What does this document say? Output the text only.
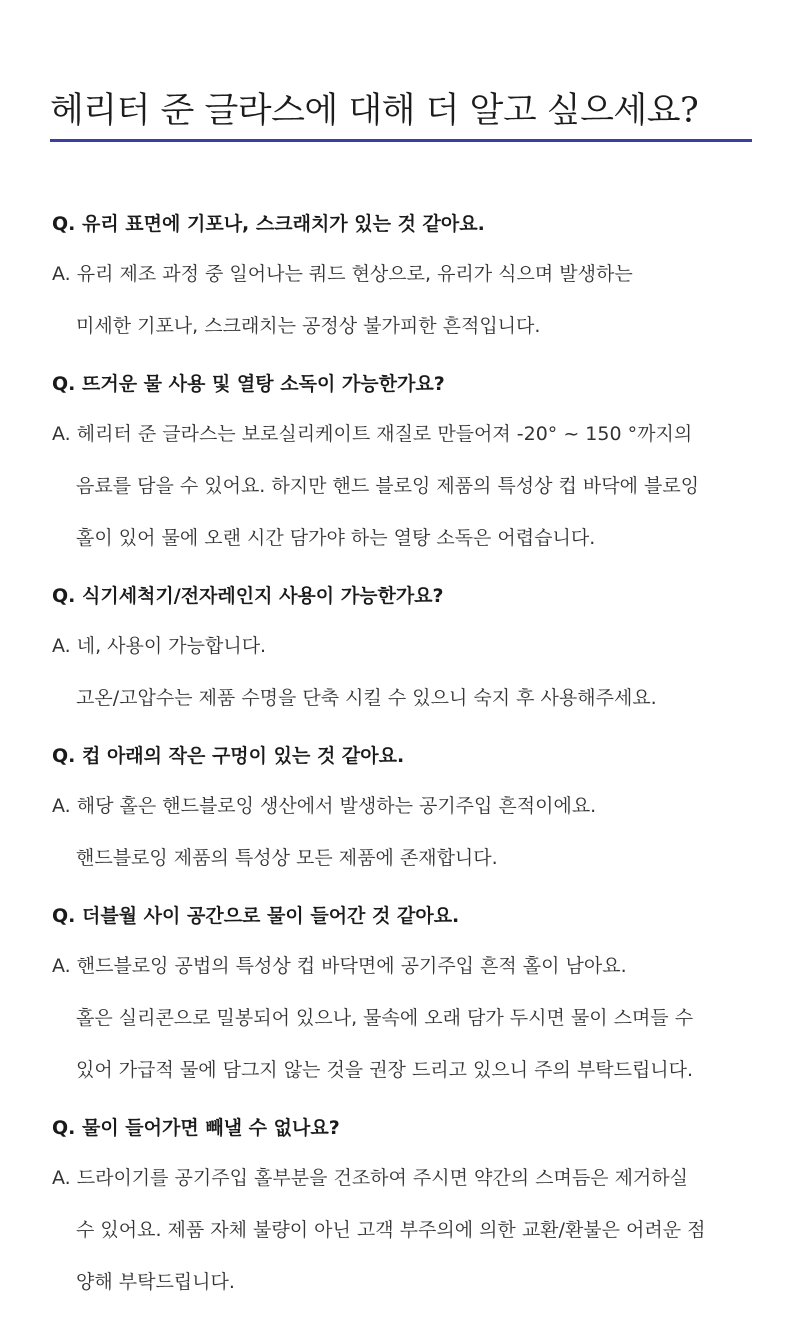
헤리터 준 글라스에 대해 더 알고 싶으세요?
Q. 유리 표면에 기포나, 스크래치가 있는 것 같아요.
A. 유리 제조 과정 중 일어나는 쿼드 현상으로, 유리가 식으며 발생하는
미세한 기포나, 스크래치는 공정상 불가피한 흔적입니다.
Q. 뜨거운 물 사용 및 열탕 소독이 가능한가요?
A. 헤리터 준 글라스는 보로실리케이트 재질로 만들어져 -20° ~ 150 °까지의
음료를 담을 수 있어요. 하지만 핸드 블로잉 제품의 특성상 컵 바닥에 블로잉
홀이 있어 물에 오랜 시간 담가야 하는 열탕 소독은 어렵습니다.
Q. 식기세척기/전자레인지 사용이 가능한가요?
A. 네, 사용이 가능합니다.
고온/고압수는 제품 수명을 단축 시킬 수 있으니 숙지 후 사용해주세요.
Q. 컵 아래의 작은 구멍이 있는 것 같아요.
A. 해당 홀은 핸드블로잉 생산에서 발생하는 공기주입 흔적이에요.
핸드블로잉 제품의 특성상 모든 제품에 존재합니다.
Q. 더블월 사이 공간으로 물이 들어간 것 같아요.
A. 핸드블로잉 공법의 특성상 컵 바닥면에 공기주입 흔적 홀이 남아요.
홀은 실리콘으로 밀봉되어 있으나, 물속에 오래 담가 두시면 물이 스며들 수
있어 가급적 물에 담그지 않는 것을 권장 드리고 있으니 주의 부탁드립니다.
Q. 물이 들어가면 빼낼 수 없나요?
A. 드라이기를 공기주입 홀부분을 건조하여 주시면 약간의 스며듬은 제거하실
수 있어요. 제품 자체 불량이 아닌 고객 부주의에 의한 교환/환불은 어려운 점
양해 부탁드립니다.
